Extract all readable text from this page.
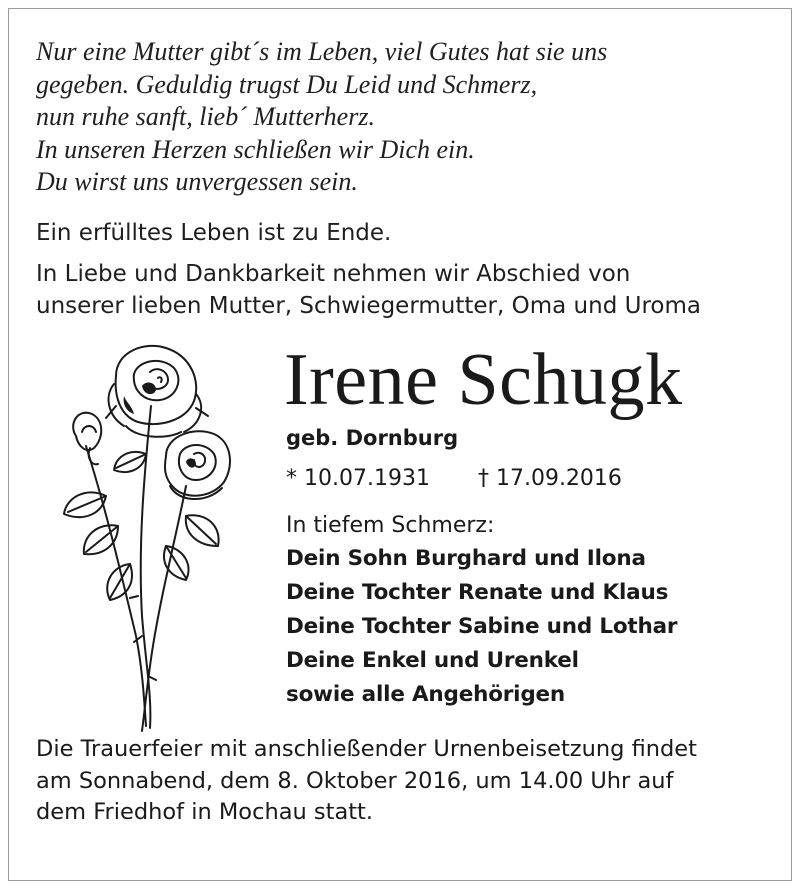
Nur eine Mutter gibt´s im Leben, viel Gutes hat sie uns
gegeben. Geduldig trugst Du Leid und Schmerz,
nun ruhe sanft, lieb´ Mutterherz.
In unseren Herzen schließen wir Dich ein.
Du wirst uns unvergessen sein.
Ein erfülltes Leben ist zu Ende.
In Liebe und Dankbarkeit nehmen wir Abschied von
unserer lieben Mutter, Schwiegermutter, Oma und Uroma
Irene Schugk
geb. Dornburg
* 10.07.1931 † 17.09.2016
In tiefem Schmerz:
Dein Sohn Burghard und Ilona
Deine Tochter Renate und Klaus
Deine Tochter Sabine und Lothar
Deine Enkel und Urenkel
sowie alle Angehörigen
Die Trauerfeier mit anschließender Urnenbeisetzung findet
am Sonnabend, dem 8. Oktober 2016, um 14.00 Uhr auf
dem Friedhof in Mochau statt.
